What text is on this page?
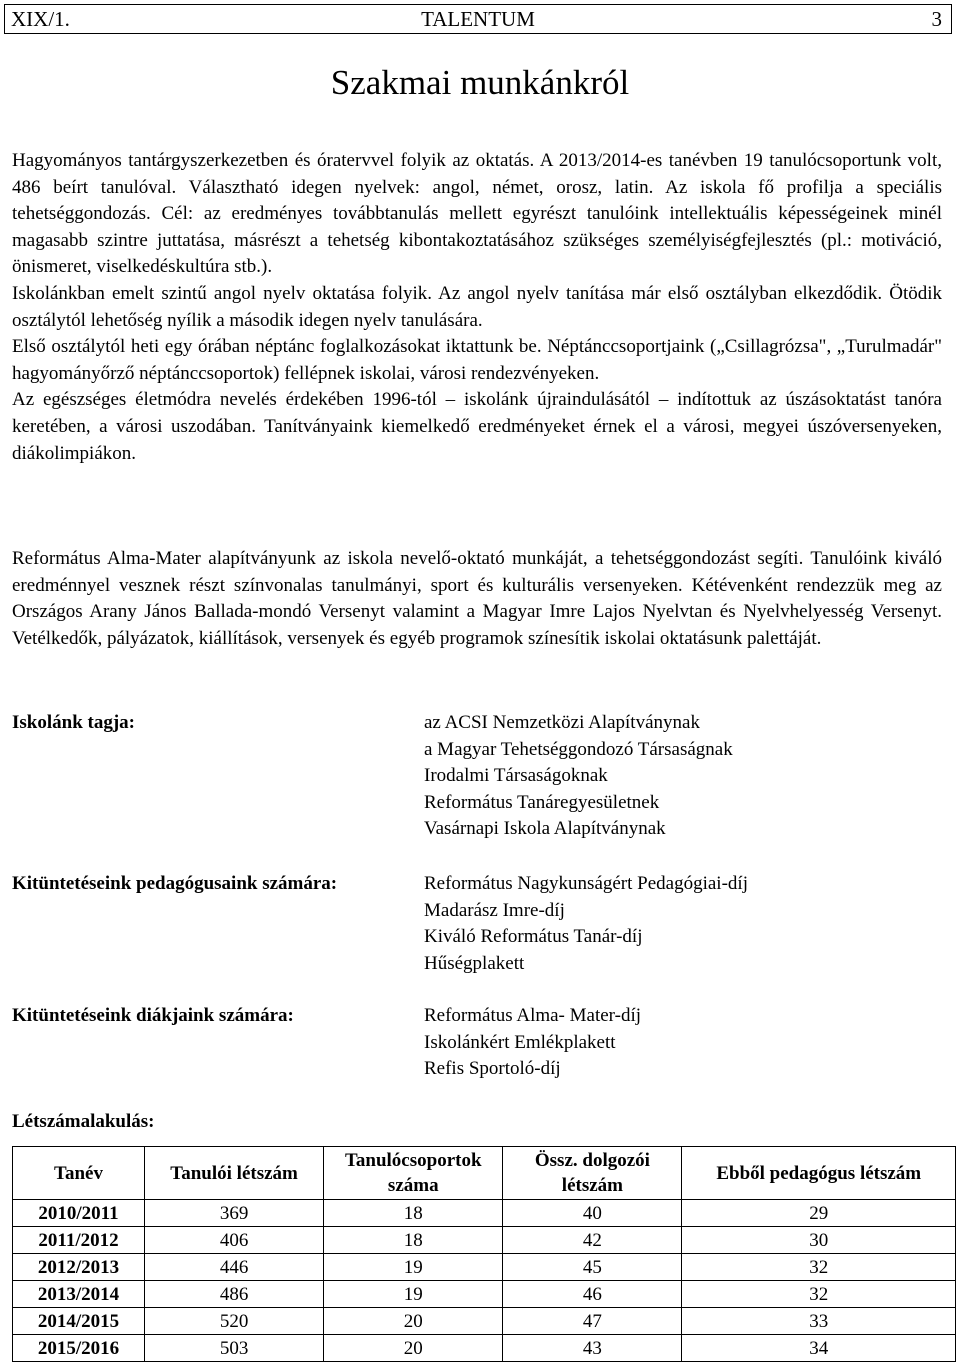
XIX/1.	TALENTUM	3
Szakmai munkánkról

Hagyományos tantárgyszerkezetben és óratervvel folyik az oktatás. A 2013/2014-es tanévben 19 tanulócsoportunk volt, 486 beírt tanulóval. Választható idegen nyelvek: angol, német, orosz, latin. Az iskola fő profilja a speciális tehetséggondozás. Cél: az eredményes továbbtanulás mellett egyrészt tanulóink intellektuális képességeinek minél magasabb szintre juttatása, másrészt a tehetség kibontakoztatásához szükséges személyiségfejlesztés (pl.: motiváció, önismeret, viselkedéskultúra stb.).

Iskolánkban emelt szintű angol nyelv oktatása folyik. Az angol nyelv tanítása már első osztályban elkezdődik. Ötödik osztálytól lehetőség nyílik a második idegen nyelv tanulására.

Első osztálytól heti egy órában néptánc foglalkozásokat iktattunk be. Néptánccsoportjaink („Csillagrózsa", „Turulmadár" hagyományőrző néptánccsoportok) fellépnek iskolai, városi rendezvényeken.

Az egészséges életmódra nevelés érdekében 1996-tól – iskolánk újraindulásától – indítottuk az úszásoktatást tanóra keretében, a városi uszodában. Tanítványaink kiemelkedő eredményeket érnek el a városi, megyei úszóversenyeken, diákolimpiákon.

Református Alma-Mater alapítványunk az iskola nevelő-oktató munkáját, a tehetséggondozást segíti. Tanulóink kiváló eredménnyel vesznek részt színvonalas tanulmányi, sport és kulturális versenyeken. Kétévenként rendezzük meg az Országos Arany János Ballada-mondó Versenyt valamint a Magyar Imre Lajos Nyelvtan és Nyelvhelyesség Versenyt. Vetélkedők, pályázatok, kiállítások, versenyek és egyéb programok színesítik iskolai oktatásunk palettáját.

Iskolánk tagja:	az ACSI Nemzetközi Alapítványnak
a Magyar Tehetséggondozó Társaságnak
Irodalmi Társaságoknak
Református Tanáregyesületnek
Vasárnapi Iskola Alapítványnak
Kitüntetéseink pedagógusaink számára:	Református Nagykunságért Pedagógiai-díj
Madarász Imre-díj
Kiváló Református Tanár-díj
Hűségplakett
Kitüntetéseink diákjaink számára:	Református Alma- Mater-díj
Iskolánkért Emlékplakett
Refis Sportoló-díj
Létszámalakulás:
Tanév	Tanulói létszám	Tanulócsoportok száma	Össz. dolgozói létszám	Ebből pedagógus létszám
2010/2011	369	18	40	29
2011/2012	406	18	42	30
2012/2013	446	19	45	32
2013/2014	486	19	46	32
2014/2015	520	20	47	33
2015/2016	503	20	43	34
